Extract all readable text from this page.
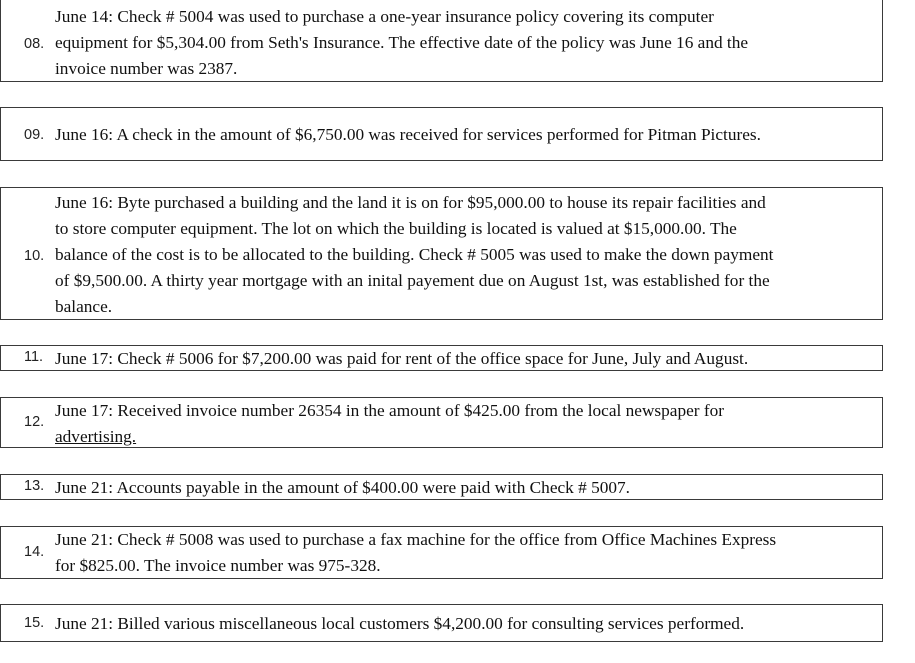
08.
June 14: Check # 5004 was used to purchase a one-year insurance policy covering its computer
equipment for $5,304.00 from Seth's Insurance. The effective date of the policy was June 16 and the
invoice number was 2387.
09. June 16: A check in the amount of $6,750.00 was received for services performed for Pitman Pictures.
10.
June 16: Byte purchased a building and the land it is on for $95,000.00 to house its repair facilities and
to store computer equipment. The lot on which the building is located is valued at $15,000.00. The
balance of the cost is to be allocated to the building. Check # 5005 was used to make the down payment
of $9,500.00. A thirty year mortgage with an inital payement due on August 1st, was established for the
balance.
11. June 17: Check # 5006 for $7,200.00 was paid for rent of the office space for June, July and August.
12.
June 17: Received invoice number 26354 in the amount of $425.00 from the local newspaper for
advertising.
13. June 21: Accounts payable in the amount of $400.00 were paid with Check # 5007.
14.
June 21: Check # 5008 was used to purchase a fax machine for the office from Office Machines Express
for $825.00. The invoice number was 975-328.
15. June 21: Billed various miscellaneous local customers $4,200.00 for consulting services performed.
